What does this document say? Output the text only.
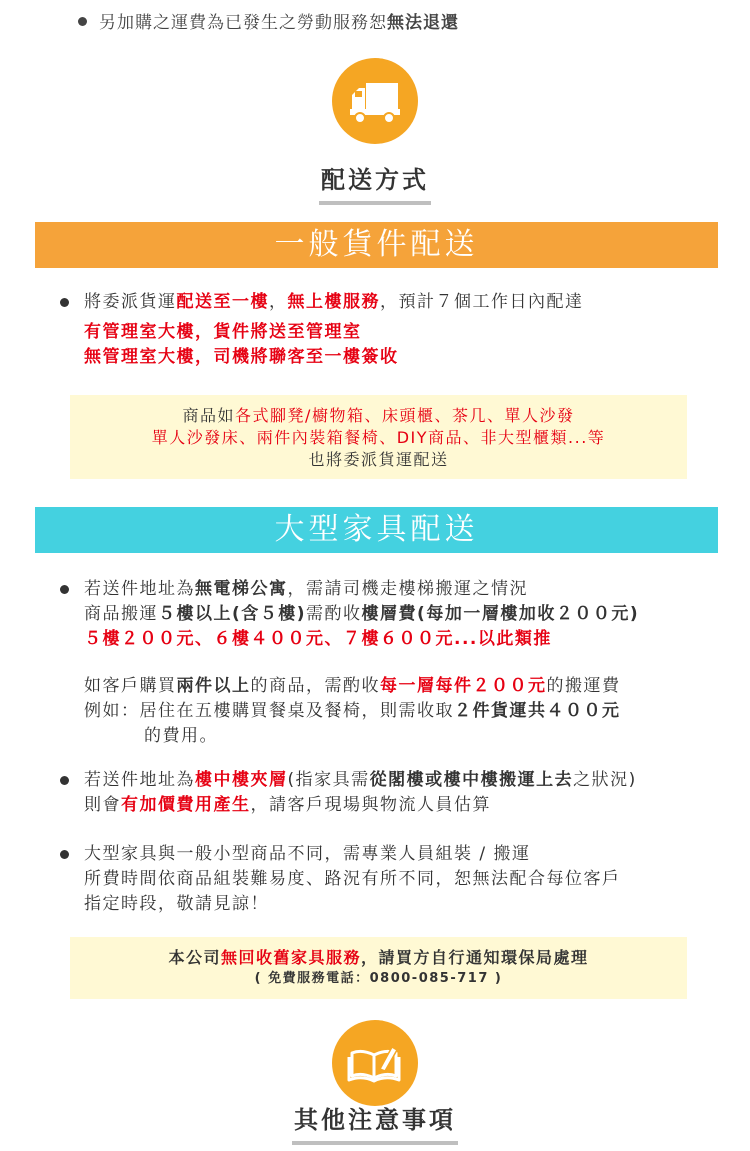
另加購之運費為已發生之勞動服務恕無法退還
配送方式
一般貨件配送
將委派貨運配送至一樓，無上樓服務，預計７個工作日內配達
有管理室大樓，貨件將送至管理室
無管理室大樓，司機將聯客至一樓簽收
商品如各式腳凳/櫥物箱、床頭櫃、茶几、單人沙發
單人沙發床、兩件內裝箱餐椅、DIY商品、非大型櫃類...等
也將委派貨運配送
大型家具配送
若送件地址為無電梯公寓，需請司機走樓梯搬運之情況
商品搬運５樓以上(含５樓)需酌收樓層費(每加一層樓加收２００元)
５樓２００元、６樓４００元、７樓６００元...以此類推
如客戶購買兩件以上的商品，需酌收每一層每件２００元的搬運費
例如：居住在五樓購買餐桌及餐椅，則需收取２件貨運共４００元
的費用。
若送件地址為樓中樓夾層(指家具需從閣樓或樓中樓搬運上去之狀況)
則會有加價費用產生，請客戶現場與物流人員估算
大型家具與一般小型商品不同，需專業人員組裝 / 搬運
所費時間依商品組裝難易度、路況有所不同，恕無法配合每位客戶
指定時段，敬請見諒！
本公司無回收舊家具服務，請買方自行通知環保局處理
( 免費服務電話：0800-085-717 )
其他注意事項
